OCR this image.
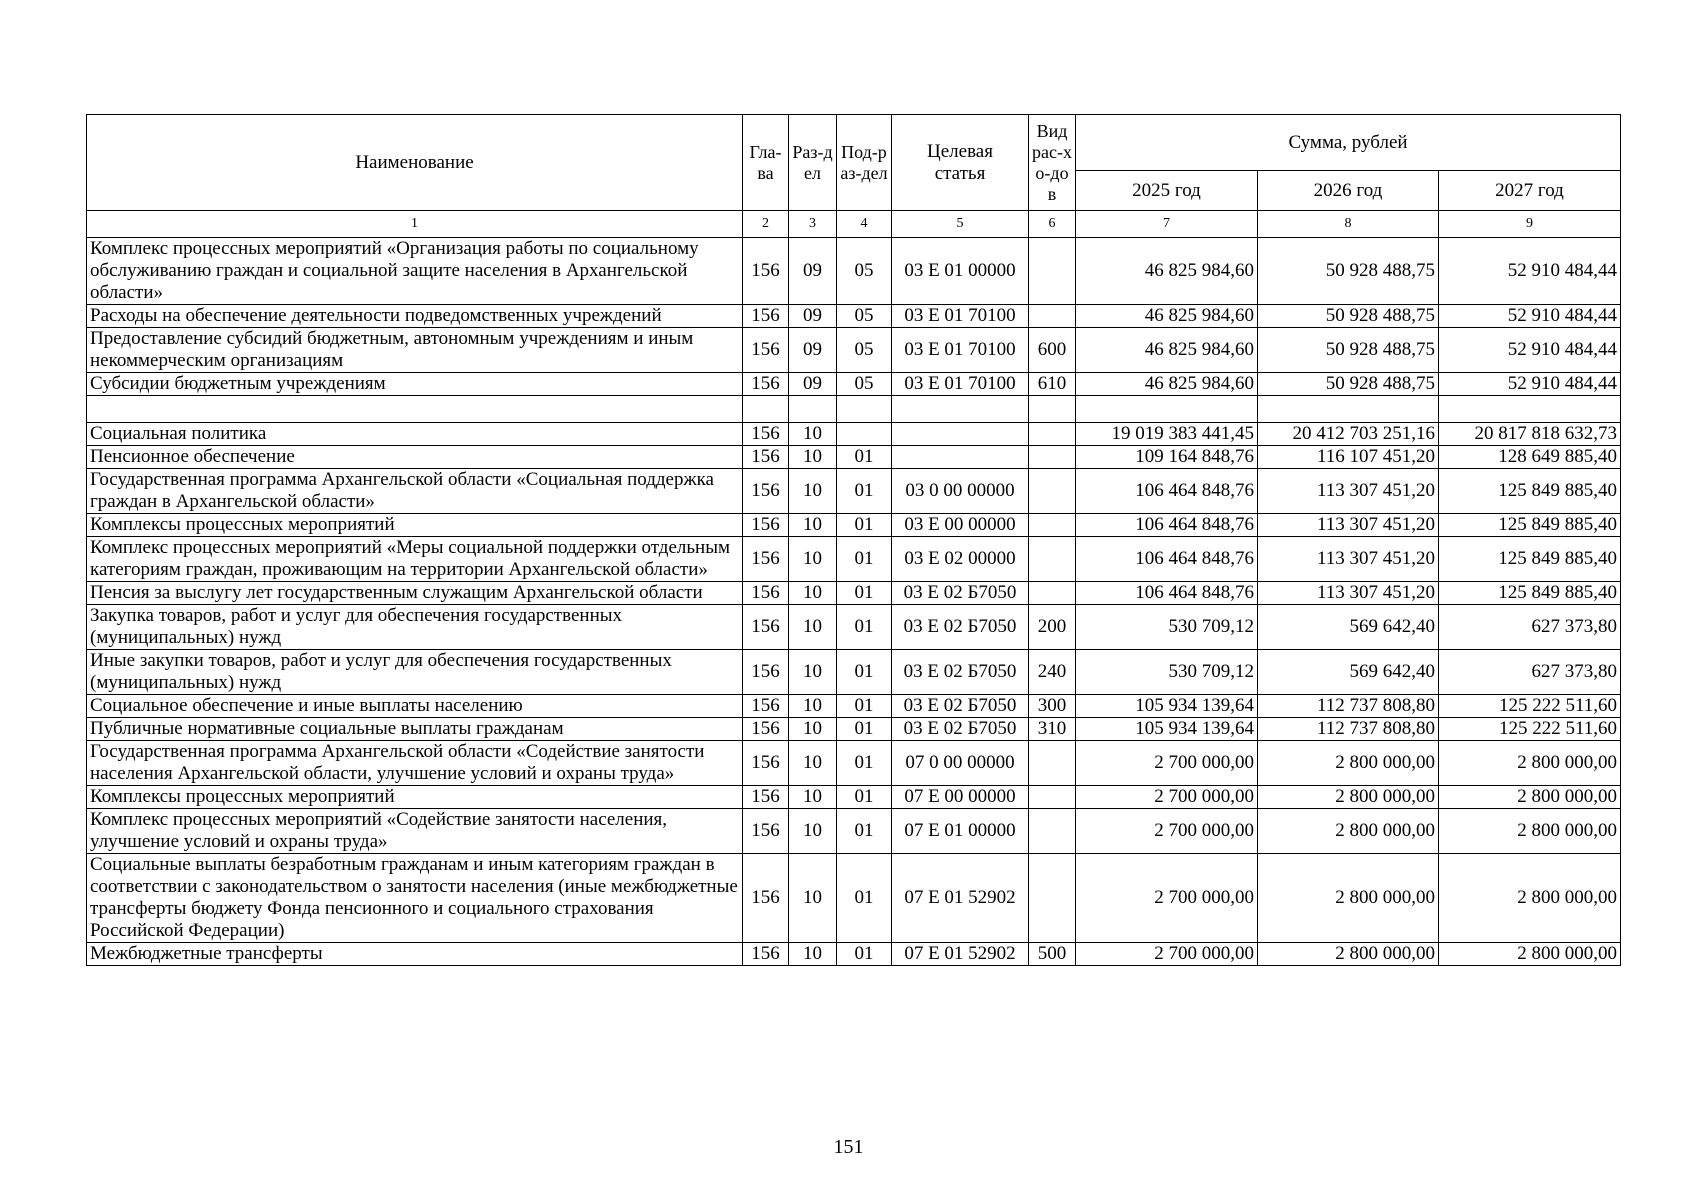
Наименование	Гла-ва	Раз-дел	Под-раз-дел	Целевая статья	Вид рас-хо-дов	Сумма, рублей		
						2025 год	2026 год	2027 год
1	2	3	4	5	6	7	8	9
Комплекс процессных мероприятий «Организация работы по социальному обслуживанию граждан и социальной защите населения в Архангельской области»	156	09	05	03 Е 01 00000		46 825 984,60	50 928 488,75	52 910 484,44
Расходы на обеспечение деятельности подведомственных учреждений	156	09	05	03 Е 01 70100		46 825 984,60	50 928 488,75	52 910 484,44
Предоставление субсидий бюджетным, автономным учреждениям и иным некоммерческим организациям	156	09	05	03 Е 01 70100	600	46 825 984,60	50 928 488,75	52 910 484,44
Субсидии бюджетным учреждениям	156	09	05	03 Е 01 70100	610	46 825 984,60	50 928 488,75	52 910 484,44

Социальная политика	156	10				19 019 383 441,45	20 412 703 251,16	20 817 818 632,73
Пенсионное обеспечение	156	10	01			109 164 848,76	116 107 451,20	128 649 885,40
Государственная программа Архангельской области «Социальная поддержка граждан в Архангельской области»	156	10	01	03 0 00 00000		106 464 848,76	113 307 451,20	125 849 885,40
Комплексы процессных мероприятий	156	10	01	03 Е 00 00000		106 464 848,76	113 307 451,20	125 849 885,40
Комплекс процессных мероприятий «Меры социальной поддержки отдельным категориям граждан, проживающим на территории Архангельской области»	156	10	01	03 Е 02 00000		106 464 848,76	113 307 451,20	125 849 885,40
Пенсия за выслугу лет государственным служащим Архангельской области	156	10	01	03 Е 02 Б7050		106 464 848,76	113 307 451,20	125 849 885,40
Закупка товаров, работ и услуг для обеспечения государственных (муниципальных) нужд	156	10	01	03 Е 02 Б7050	200	530 709,12	569 642,40	627 373,80
Иные закупки товаров, работ и услуг для обеспечения государственных (муниципальных) нужд	156	10	01	03 Е 02 Б7050	240	530 709,12	569 642,40	627 373,80
Социальное обеспечение и иные выплаты населению	156	10	01	03 Е 02 Б7050	300	105 934 139,64	112 737 808,80	125 222 511,60
Публичные нормативные социальные выплаты гражданам	156	10	01	03 Е 02 Б7050	310	105 934 139,64	112 737 808,80	125 222 511,60
Государственная программа Архангельской области «Содействие занятости населения Архангельской области, улучшение условий и охраны труда»	156	10	01	07 0 00 00000		2 700 000,00	2 800 000,00	2 800 000,00
Комплексы процессных мероприятий	156	10	01	07 Е 00 00000		2 700 000,00	2 800 000,00	2 800 000,00
Комплекс процессных мероприятий «Содействие занятости населения, улучшение условий и охраны труда»	156	10	01	07 Е 01 00000		2 700 000,00	2 800 000,00	2 800 000,00
Социальные выплаты безработным гражданам и иным категориям граждан в соответствии с законодательством о занятости населения (иные межбюджетные трансферты бюджету Фонда пенсионного и социального страхования Российской Федерации)	156	10	01	07 Е 01 52902		2 700 000,00	2 800 000,00	2 800 000,00
Межбюджетные трансферты	156	10	01	07 Е 01 52902	500	2 700 000,00	2 800 000,00	2 800 000,00
151
